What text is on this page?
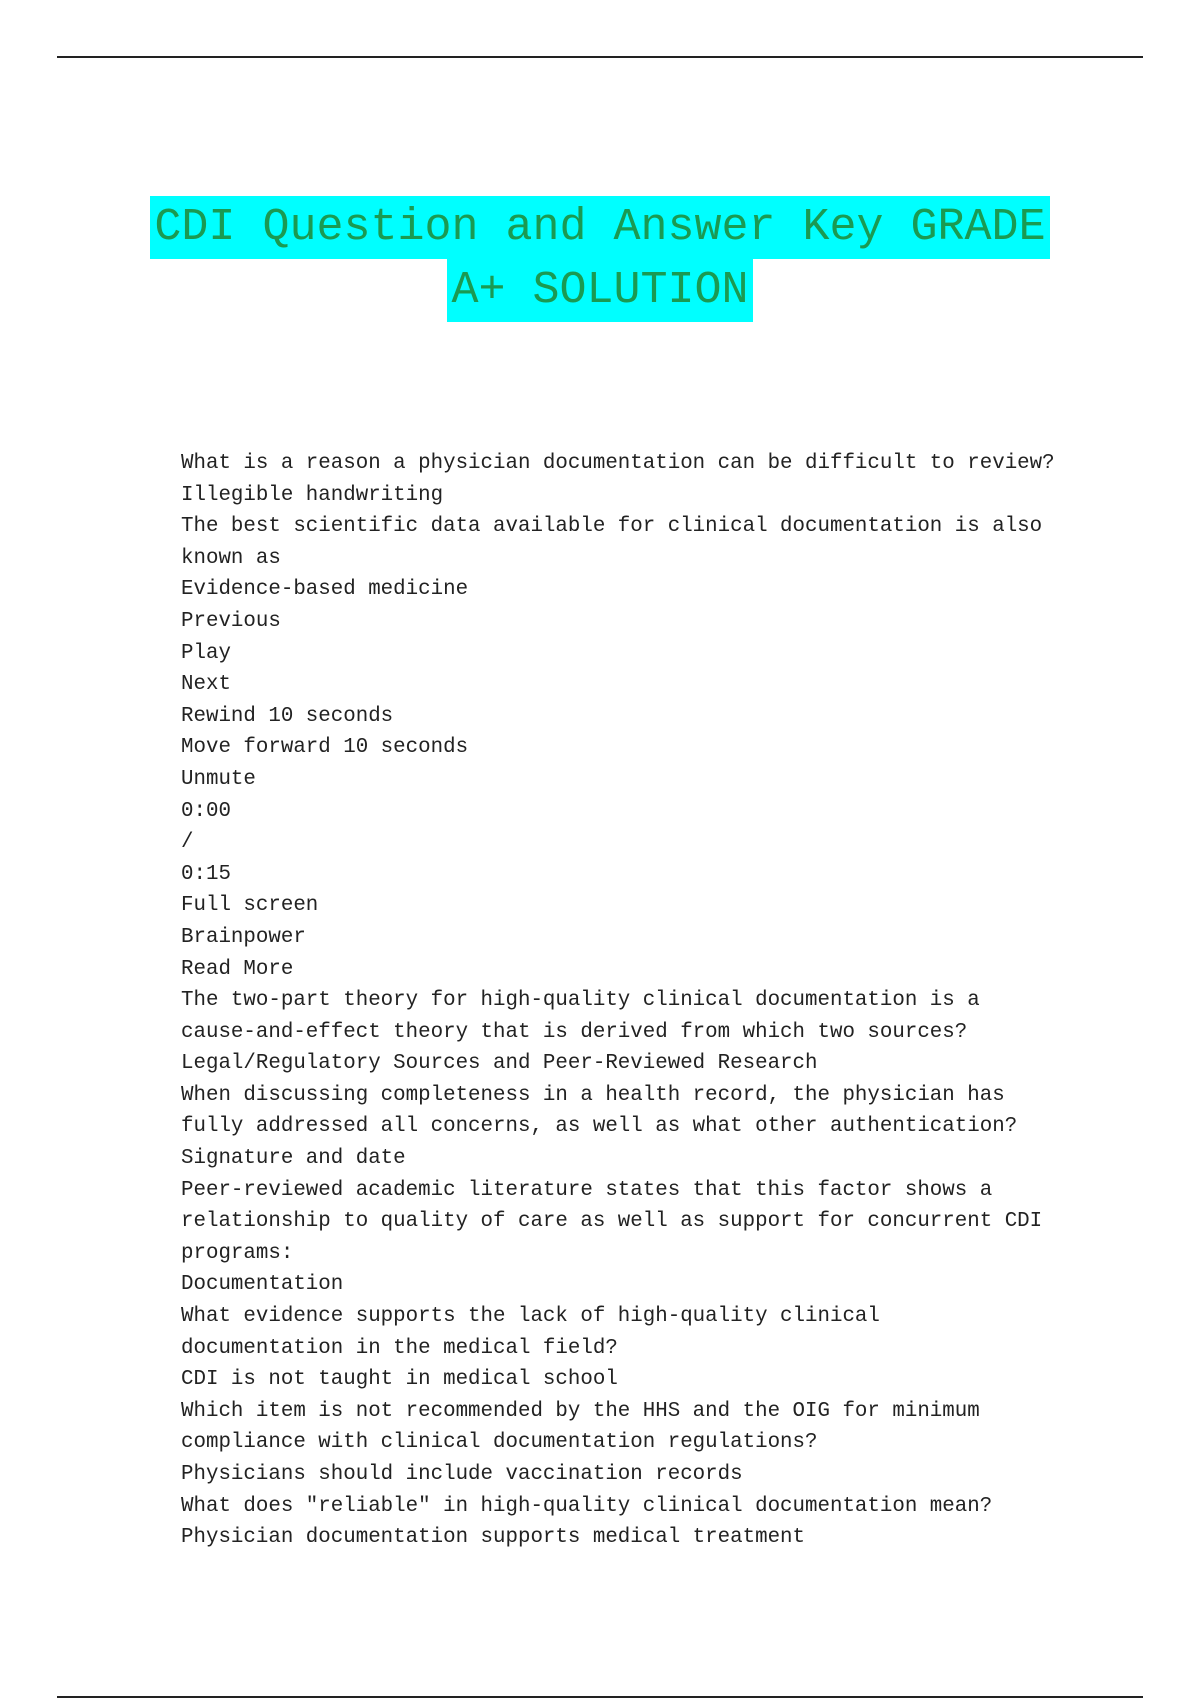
CDI Question and Answer Key GRADE
A+ SOLUTION
What is a reason a physician documentation can be difficult to review?
Illegible handwriting
The best scientific data available for clinical documentation is also
known as
Evidence-based medicine
Previous
Play
Next
Rewind 10 seconds
Move forward 10 seconds
Unmute
0:00
/
0:15
Full screen
Brainpower
Read More
The two-part theory for high-quality clinical documentation is a
cause-and-effect theory that is derived from which two sources?
Legal/Regulatory Sources and Peer-Reviewed Research
When discussing completeness in a health record, the physician has
fully addressed all concerns, as well as what other authentication?
Signature and date
Peer-reviewed academic literature states that this factor shows a
relationship to quality of care as well as support for concurrent CDI
programs:
Documentation
What evidence supports the lack of high-quality clinical
documentation in the medical field?
CDI is not taught in medical school
Which item is not recommended by the HHS and the OIG for minimum
compliance with clinical documentation regulations?
Physicians should include vaccination records
What does "reliable" in high-quality clinical documentation mean?
Physician documentation supports medical treatment
